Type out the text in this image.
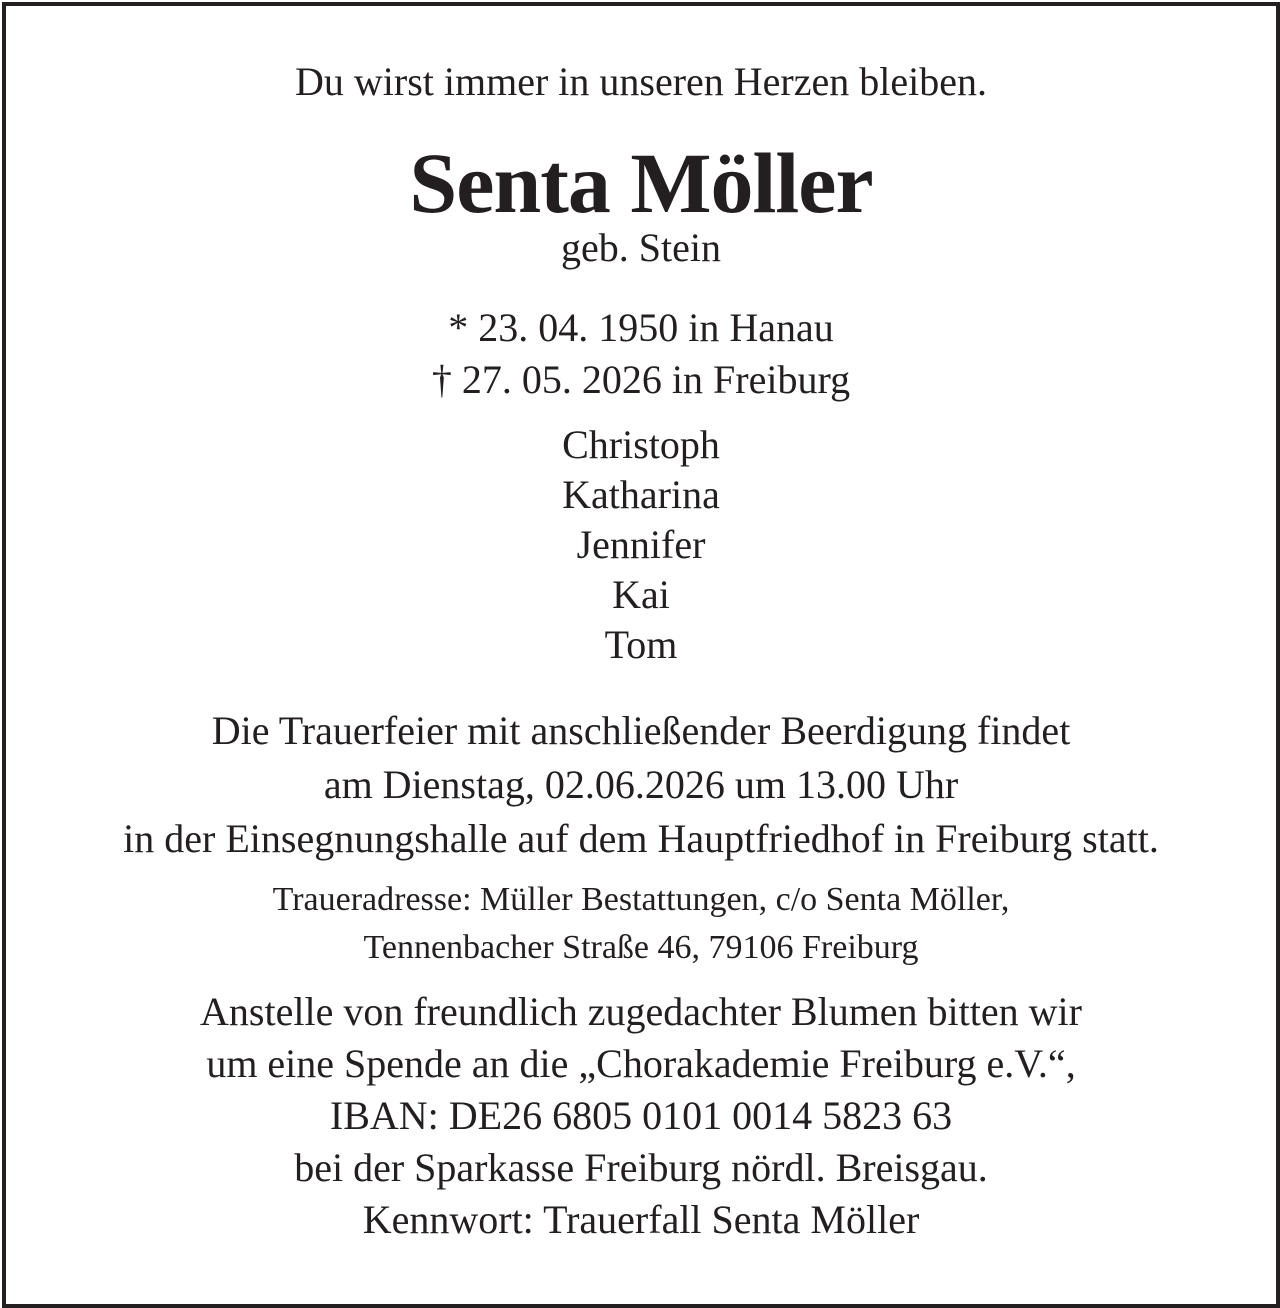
Du wirst immer in unseren Herzen bleiben.
Senta Möller
geb. Stein
* 23. 04. 1950 in Hanau
† 27. 05. 2026 in Freiburg
Christoph
Katharina
Jennifer
Kai
Tom
Die Trauerfeier mit anschließender Beerdigung findet
am Dienstag, 02.06.2026 um 13.00 Uhr
in der Einsegnungshalle auf dem Hauptfriedhof in Freiburg statt.
Traueradresse: Müller Bestattungen, c/o Senta Möller,
Tennenbacher Straße 46, 79106 Freiburg
Anstelle von freundlich zugedachter Blumen bitten wir
um eine Spende an die „Chorakademie Freiburg e.V.“,
IBAN: DE26 6805 0101 0014 5823 63
bei der Sparkasse Freiburg nördl. Breisgau.
Kennwort: Trauerfall Senta Möller
